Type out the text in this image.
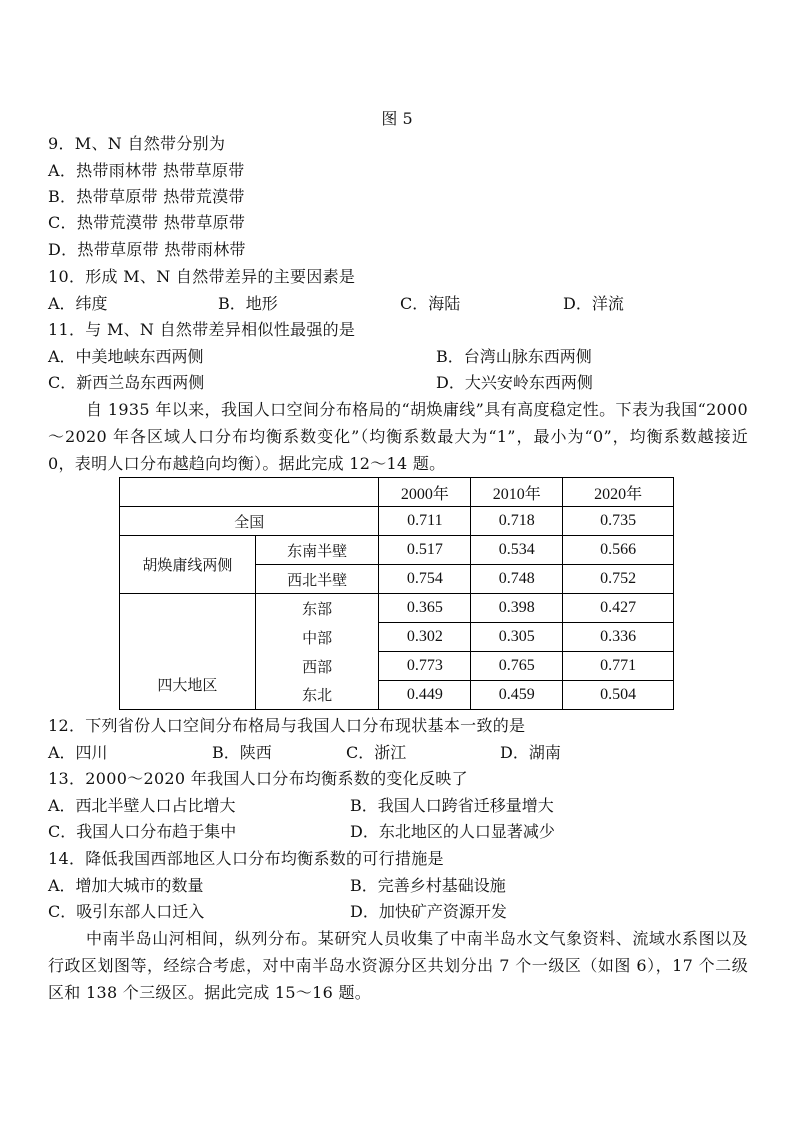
图 5
9．M、N 自然带分别为
A．热带雨林带 热带草原带
B．热带草原带 热带荒漠带
C．热带荒漠带 热带草原带
D．热带草原带 热带雨林带
10．形成 M、N 自然带差异的主要因素是
A．纬度	B．地形	C．海陆	D．洋流
11．与 M、N 自然带差异相似性最强的是
A．中美地峡东西两侧	B．台湾山脉东西两侧
C．新西兰岛东西两侧	D．大兴安岭东西两侧
自 1935 年以来，我国人口空间分布格局的“胡焕庸线”具有高度稳定性。下表为我国“2000～2020 年各区域人口分布均衡系数变化”（均衡系数最大为“1”，最小为“0”，均衡系数越接近 0，表明人口分布越趋向均衡）。据此完成 12～14 题。
		2000年	2010年	2020年
全国		0.711	0.718	0.735
胡焕庸线两侧	东南半壁	0.517	0.534	0.566
	西北半壁	0.754	0.748	0.752
四大地区	东部	0.365	0.398	0.427
	中部	0.302	0.305	0.336
	西部	0.773	0.765	0.771
	东北	0.449	0.459	0.504
12．下列省份人口空间分布格局与我国人口分布现状基本一致的是
A．四川	B．陕西	C．浙江	D．湖南
13．2000～2020 年我国人口分布均衡系数的变化反映了
A．西北半壁人口占比增大	B．我国人口跨省迁移量增大
C．我国人口分布趋于集中	D．东北地区的人口显著减少
14．降低我国西部地区人口分布均衡系数的可行措施是
A．增加大城市的数量	B．完善乡村基础设施
C．吸引东部人口迁入	D．加快矿产资源开发
中南半岛山河相间，纵列分布。某研究人员收集了中南半岛水文气象资料、流域水系图以及行政区划图等，经综合考虑，对中南半岛水资源分区共划分出 7 个一级区（如图 6），17 个二级区和 138 个三级区。据此完成 15～16 题。
